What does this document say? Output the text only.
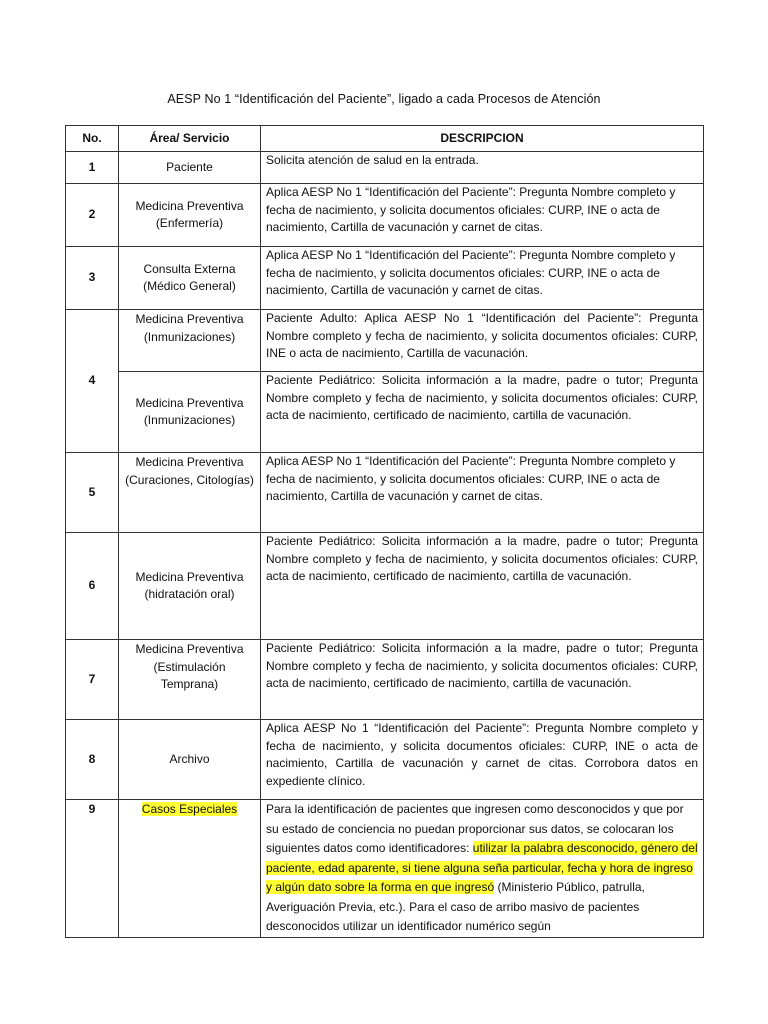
AESP No 1 “Identificación del Paciente”, ligado a cada Procesos de Atención
No.	Área/ Servicio	DESCRIPCION
1	Paciente	Solicita atención de salud en la entrada.
2	Medicina Preventiva (Enfermería)	Aplica AESP No 1 “Identificación del Paciente”: Pregunta Nombre completo y fecha de nacimiento, y solicita documentos oficiales: CURP, INE o acta de nacimiento, Cartilla de vacunación y carnet de citas.
3	Consulta Externa (Médico General)	Aplica AESP No 1 “Identificación del Paciente”: Pregunta Nombre completo y fecha de nacimiento, y solicita documentos oficiales: CURP, INE o acta de nacimiento, Cartilla de vacunación y carnet de citas.
4	Medicina Preventiva (Inmunizaciones)	Paciente Adulto: Aplica AESP No 1 “Identificación del Paciente”: Pregunta Nombre completo y fecha de nacimiento, y solicita documentos oficiales: CURP, INE o acta de nacimiento, Cartilla de vacunación.
	Medicina Preventiva (Inmunizaciones)	Paciente Pediátrico: Solicita información a la madre, padre o tutor; Pregunta Nombre completo y fecha de nacimiento, y solicita documentos oficiales: CURP, acta de nacimiento, certificado de nacimiento, cartilla de vacunación.
5	Medicina Preventiva (Curaciones, Citologías)	Aplica AESP No 1 “Identificación del Paciente”: Pregunta Nombre completo y fecha de nacimiento, y solicita documentos oficiales: CURP, INE o acta de nacimiento, Cartilla de vacunación y carnet de citas.
6	Medicina Preventiva (hidratación oral)	Paciente Pediátrico: Solicita información a la madre, padre o tutor; Pregunta Nombre completo y fecha de nacimiento, y solicita documentos oficiales: CURP, acta de nacimiento, certificado de nacimiento, cartilla de vacunación.
7	Medicina Preventiva (Estimulación Temprana)	Paciente Pediátrico: Solicita información a la madre, padre o tutor; Pregunta Nombre completo y fecha de nacimiento, y solicita documentos oficiales: CURP, acta de nacimiento, certificado de nacimiento, cartilla de vacunación.
8	Archivo	Aplica AESP No 1 “Identificación del Paciente”: Pregunta Nombre completo y fecha de nacimiento, y solicita documentos oficiales: CURP, INE o acta de nacimiento, Cartilla de vacunación y carnet de citas. Corrobora datos en expediente clínico.
9	Casos Especiales	Para la identificación de pacientes que ingresen como desconocidos y que por su estado de conciencia no puedan proporcionar sus datos, se colocaran los siguientes datos como identificadores: utilizar la palabra desconocido, género del paciente, edad aparente, si tiene alguna seña particular, fecha y hora de ingreso y algún dato sobre la forma en que ingresó (Ministerio Público, patrulla, Averiguación Previa, etc.). Para el caso de arribo masivo de pacientes desconocidos utilizar un identificador numérico según
